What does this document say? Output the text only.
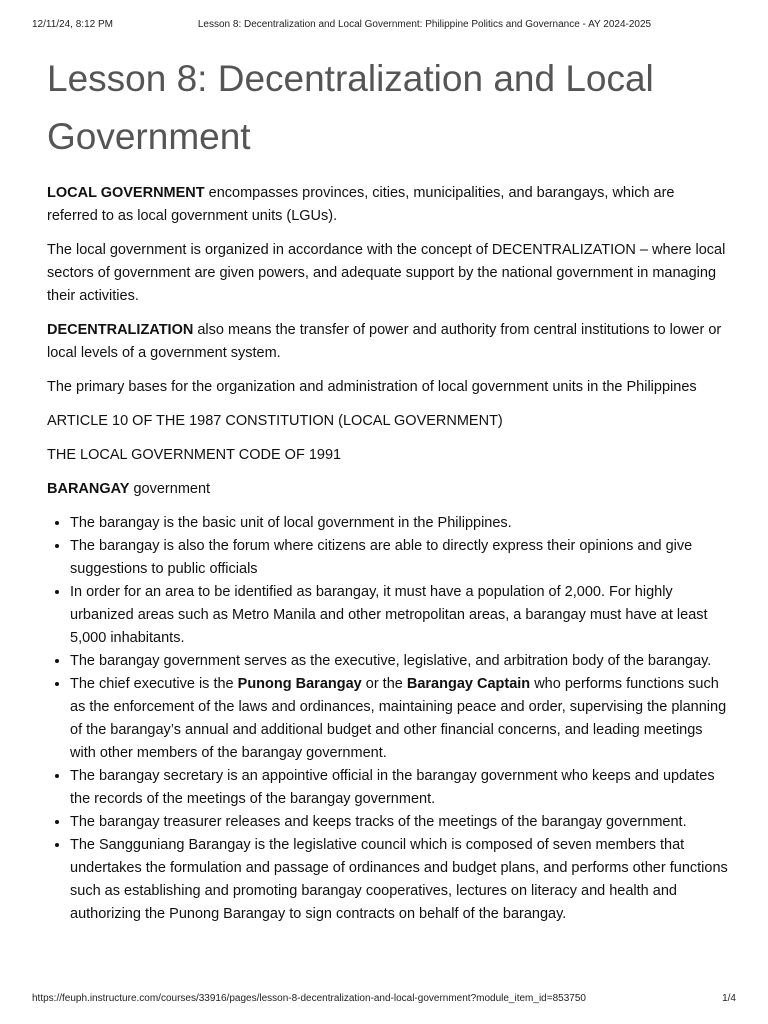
12/11/24, 8:12 PM	Lesson 8: Decentralization and Local Government: Philippine Politics and Governance - AY 2024-2025
Lesson 8: Decentralization and Local Government

LOCAL GOVERNMENT encompasses provinces, cities, municipalities, and barangays, which are referred to as local government units (LGUs).

The local government is organized in accordance with the concept of DECENTRALIZATION – where local sectors of government are given powers, and adequate support by the national government in managing their activities.

DECENTRALIZATION also means the transfer of power and authority from central institutions to lower or local levels of a government system.

The primary bases for the organization and administration of local government units in the Philippines

ARTICLE 10 OF THE 1987 CONSTITUTION (LOCAL GOVERNMENT)

THE LOCAL GOVERNMENT CODE OF 1991

BARANGAY government

• The barangay is the basic unit of local government in the Philippines.
• The barangay is also the forum where citizens are able to directly express their opinions and give suggestions to public officials
• In order for an area to be identified as barangay, it must have a population of 2,000. For highly urbanized areas such as Metro Manila and other metropolitan areas, a barangay must have at least 5,000 inhabitants.
• The barangay government serves as the executive, legislative, and arbitration body of the barangay.
• The chief executive is the Punong Barangay or the Barangay Captain who performs functions such as the enforcement of the laws and ordinances, maintaining peace and order, supervising the planning of the barangay’s annual and additional budget and other financial concerns, and leading meetings with other members of the barangay government.
• The barangay secretary is an appointive official in the barangay government who keeps and updates the records of the meetings of the barangay government.
• The barangay treasurer releases and keeps tracks of the meetings of the barangay government.
• The Sangguniang Barangay is the legislative council which is composed of seven members that undertakes the formulation and passage of ordinances and budget plans, and performs other functions such as establishing and promoting barangay cooperatives, lectures on literacy and health and authorizing the Punong Barangay to sign contracts on behalf of the barangay.
https://feuph.instructure.com/courses/33916/pages/lesson-8-decentralization-and-local-government?module_item_id=853750	1/4
